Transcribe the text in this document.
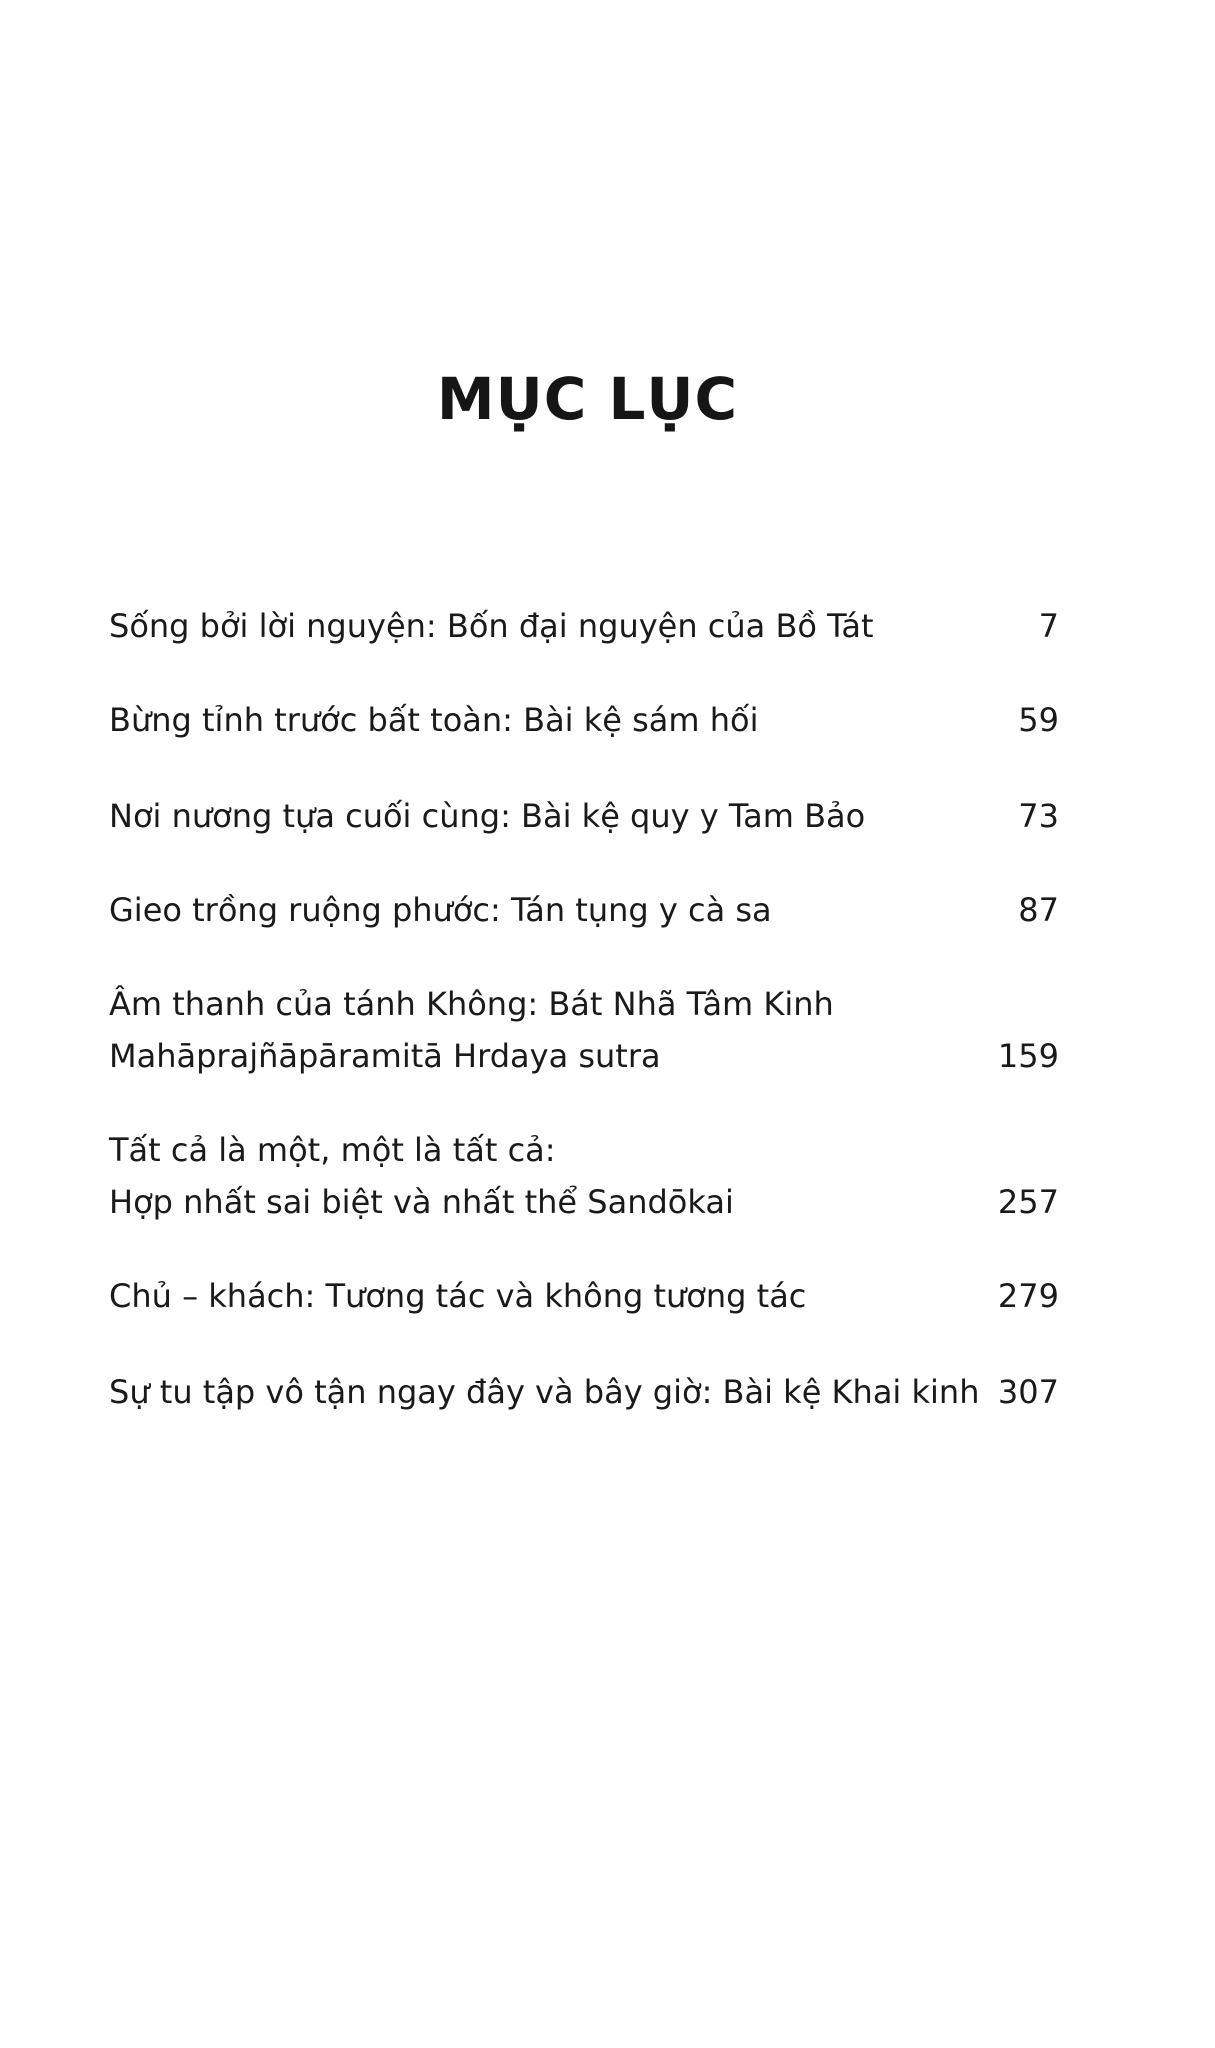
MỤC LỤC
Sống bởi lời nguyện: Bốn đại nguyện của Bồ Tát	7
Bừng tỉnh trước bất toàn: Bài kệ sám hối	59
Nơi nương tựa cuối cùng: Bài kệ quy y Tam Bảo	73
Gieo trồng ruộng phước: Tán tụng y cà sa	87
Âm thanh của tánh Không: Bát Nhã Tâm Kinh
Mahāprajñāpāramitā Hrdaya sutra	159
Tất cả là một, một là tất cả:
Hợp nhất sai biệt và nhất thể Sandōkai	257
Chủ – khách: Tương tác và không tương tác	279
Sự tu tập vô tận ngay đây và bây giờ: Bài kệ Khai kinh 307
